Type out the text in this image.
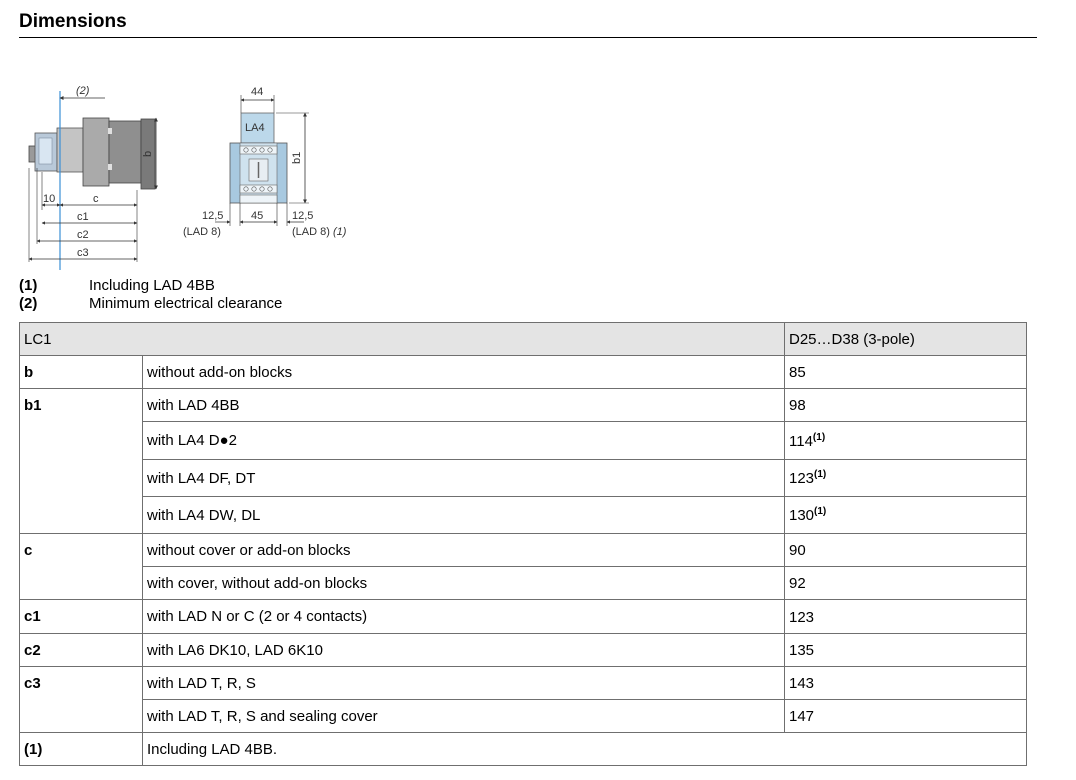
Dimensions
(2)
b
10	c
c1
c2
c3
44
LA4
b1
45
12,5
(LAD 8)
12,5
(LAD 8) (1)
(1)	Including LAD 4BB
(2)	Minimum electrical clearance
LC1		D25…D38 (3-pole)
b	without add-on blocks	85
b1	with LAD 4BB	98
	with LA4 D●2	114$^{(1)}$
	with LA4 DF, DT	123$^{(1)}$
	with LA4 DW, DL	130$^{(1)}$
c	without cover or add-on blocks	90
	with cover, without add-on blocks	92
c1	with LAD N or C (2 or 4 contacts)	123
c2	with LA6 DK10, LAD 6K10	135
c3	with LAD T, R, S	143
	with LAD T, R, S and sealing cover	147
(1)	Including LAD 4BB.	
